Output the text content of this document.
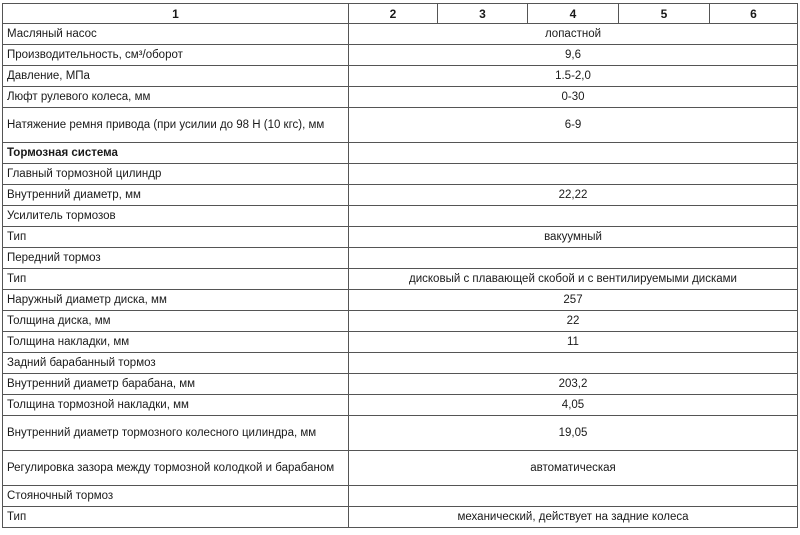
1	2	3	4	5	6
Масляный насос	лопастной				
Производительность, см³/оборот	9,6				
Давление, МПа	1.5-2,0				
Люфт рулевого колеса, мм	0-30				
Натяжение ремня привода (при усилии до 98 Н (10 кгс), мм	6-9				
Тормозная система					
Главный тормозной цилиндр					
Внутренний диаметр, мм	22,22				
Усилитель тормозов					
Тип	вакуумный				
Передний тормоз					
Тип	дисковый с плавающей скобой и с вентилируемыми дисками				
Наружный диаметр диска, мм	257				
Толщина диска, мм	22				
Толщина накладки, мм	11				
Задний барабанный тормоз					
Внутренний диаметр барабана, мм	203,2				
Толщина тормозной накладки, мм	4,05				
Внутренний диаметр тормозного колесного цилиндра, мм	19,05				
Регулировка зазора между тормозной колодкой и барабаном	автоматическая				
Стояночный тормоз					
Тип	механический, действует на задние колеса				
